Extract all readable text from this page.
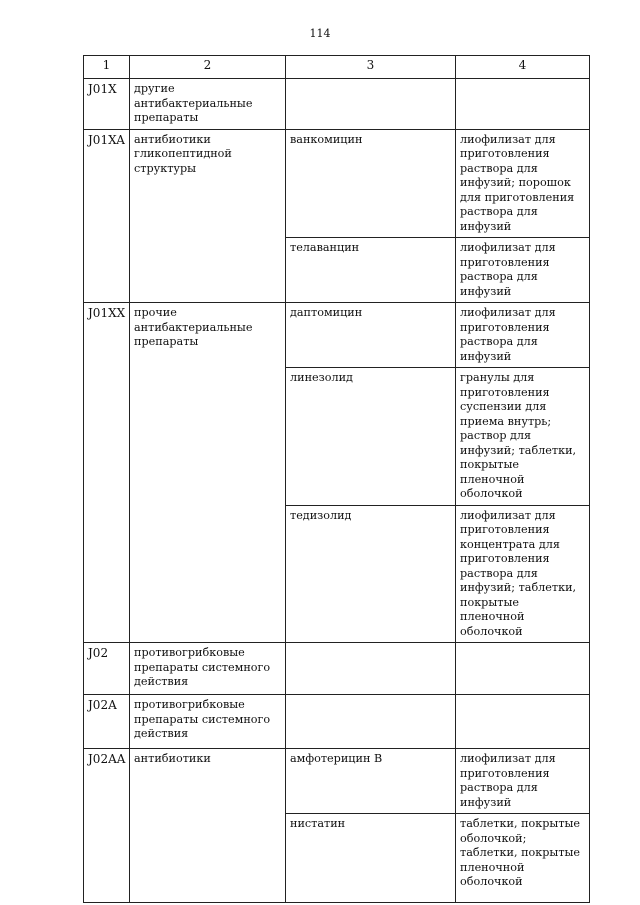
114
1	2	3	4
J01X	другие антибактериальные препараты		
J01XA	антибиотики гликопептидной структуры	ванкомицин	лиофилизат для приготовления раствора для инфузий; порошок для приготовления раствора для инфузий
		телаванцин	лиофилизат для приготовления раствора для инфузий
J01XX	прочие антибактериальные препараты	даптомицин	лиофилизат для приготовления раствора для инфузий
		линезолид	гранулы для приготовления суспензии для приема внутрь; раствор для инфузий; таблетки, покрытые пленочной оболочкой
		тедизолид	лиофилизат для приготовления концентрата для приготовления раствора для инфузий; таблетки, покрытые пленочной оболочкой
J02	противогрибковые препараты системного действия		
J02A	противогрибковые препараты системного действия		
J02AA	антибиотики	амфотерицин B	лиофилизат для приготовления раствора для инфузий
		нистатин	таблетки, покрытые оболочкой; таблетки, покрытые пленочной оболочкой
